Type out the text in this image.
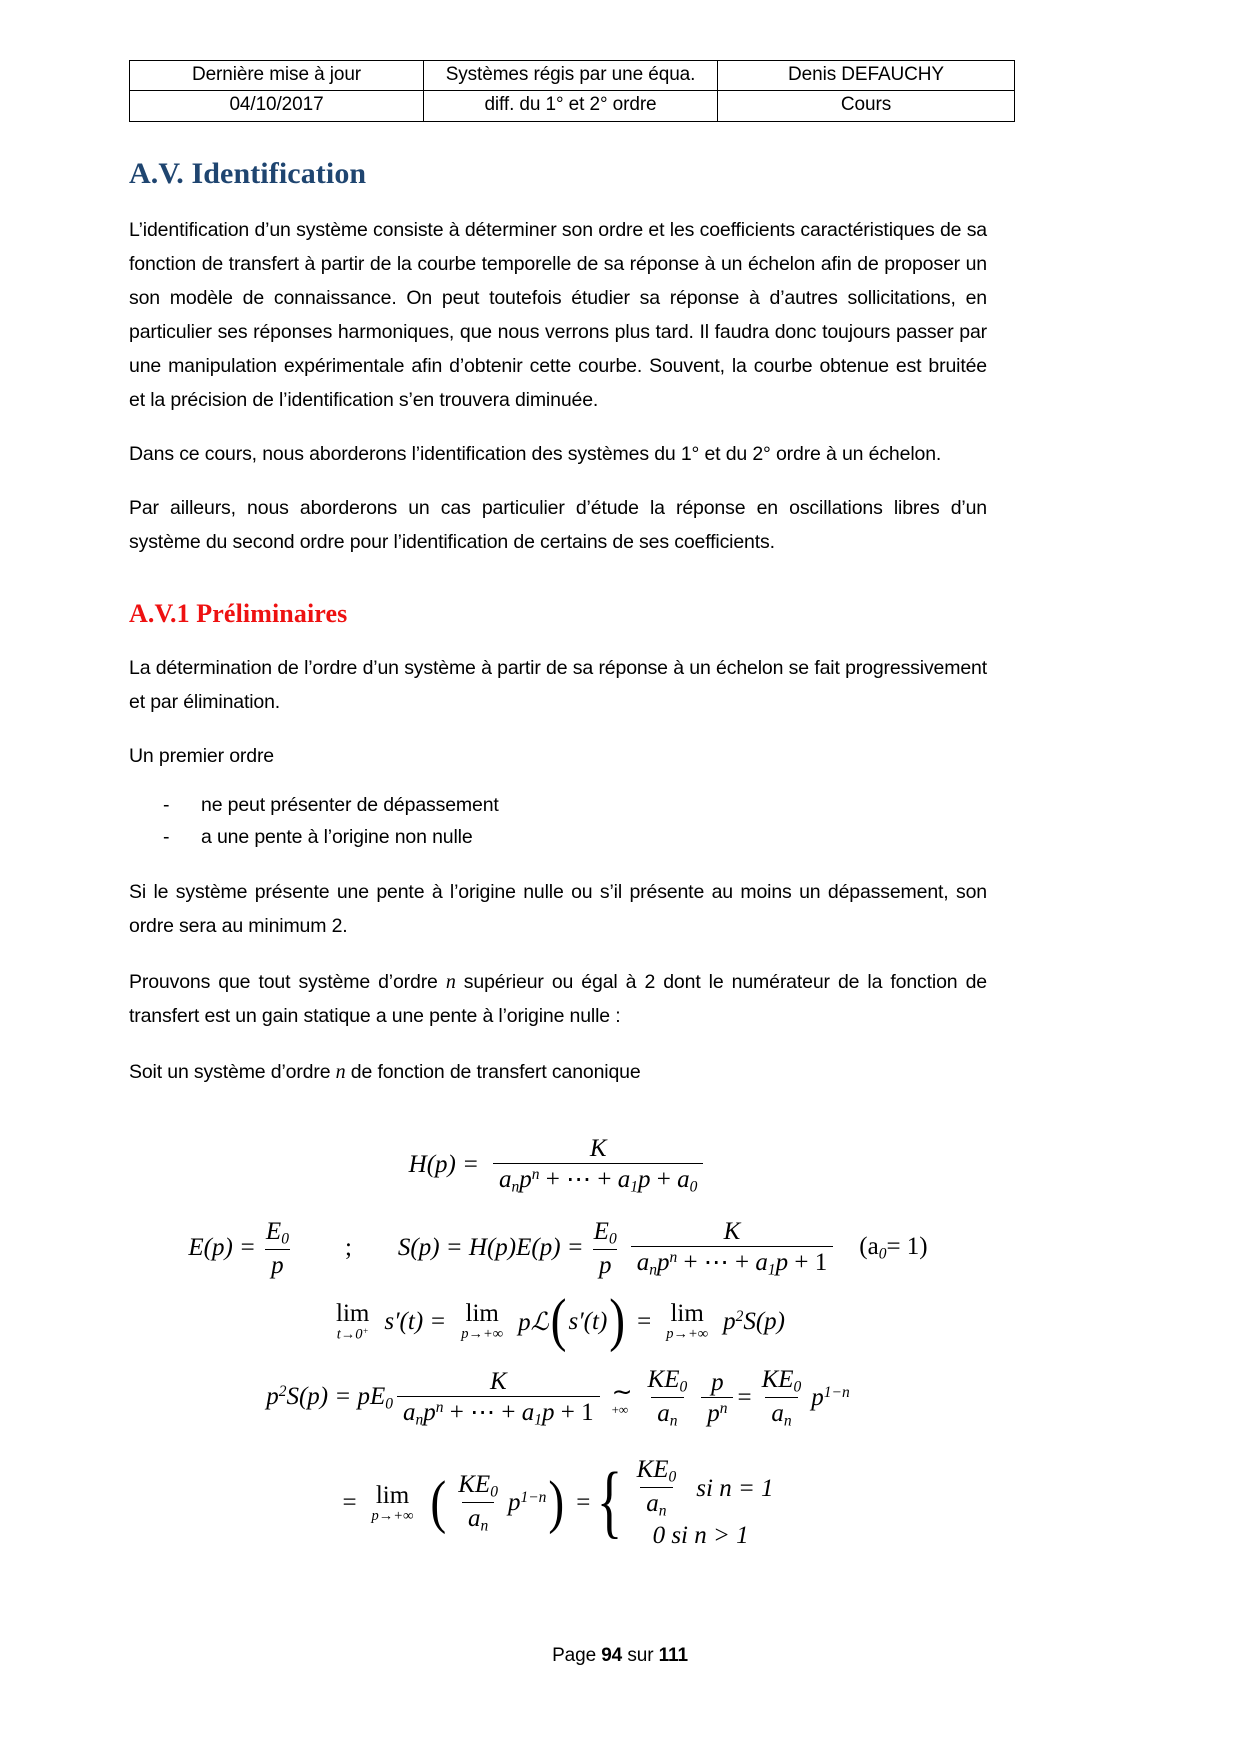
Dernière mise à jour	Systèmes régis par une équa.	Denis DEFAUCHY
04/10/2017	diff. du 1° et 2° ordre	Cours
A.V. Identification

L’identification d’un système consiste à déterminer son ordre et les coefficients caractéristiques de sa fonction de transfert à partir de la courbe temporelle de sa réponse à un échelon afin de proposer un son modèle de connaissance. On peut toutefois étudier sa réponse à d’autres sollicitations, en particulier ses réponses harmoniques, que nous verrons plus tard. Il faudra donc toujours passer par une manipulation expérimentale afin d’obtenir cette courbe. Souvent, la courbe obtenue est bruitée et la précision de l’identification s’en trouvera diminuée.

Dans ce cours, nous aborderons l’identification des systèmes du 1° et du 2° ordre à un échelon.

Par ailleurs, nous aborderons un cas particulier d’étude la réponse en oscillations libres d’un système du second ordre pour l’identification de certains de ses coefficients.

A.V.1 Préliminaires

La détermination de l’ordre d’un système à partir de sa réponse à un échelon se fait progressivement et par élimination.

Un premier ordre

- ne peut présenter de dépassement
- a une pente à l’origine non nulle

Si le système présente une pente à l’origine nulle ou s’il présente au moins un dépassement, son ordre sera au minimum 2.

Prouvons que tout système d’ordre n supérieur ou égal à 2 dont le numérateur de la fonction de transfert est un gain statique a une pente à l’origine nulle :

Soit un système d’ordre n de fonction de transfert canonique

$H(p) = \frac{K}{a_np^n + \cdots + a_1p + a_0}$
$E(p) = \frac{E_0}{p}$ ; $S(p) = H(p)E(p) = \frac{E_0}{p} \frac{K}{a_np^n + \cdots + a_1p + 1} (a_0= 1)$
lim
t→0+ s′(t) = lim
p→+∞ pℒ ( s′(t) ) = lim
p→+∞ $p^2S(p)$
$p^2S(p) = pE_0 \frac{K}{a_np^n + \cdots + a_1p + 1}$ ∼
+∞ $\frac{KE_0}{a_n} \frac{p}{p^n} = \frac{KE_0}{a_n} p^{1-n}$
= lim
p→+∞ ( $\frac{KE_0}{a_n} p^{1-n}$ ) = { $\frac{KE_0}{a_n}$ si n = 1
0 si n > 1
Page 94 sur 111
